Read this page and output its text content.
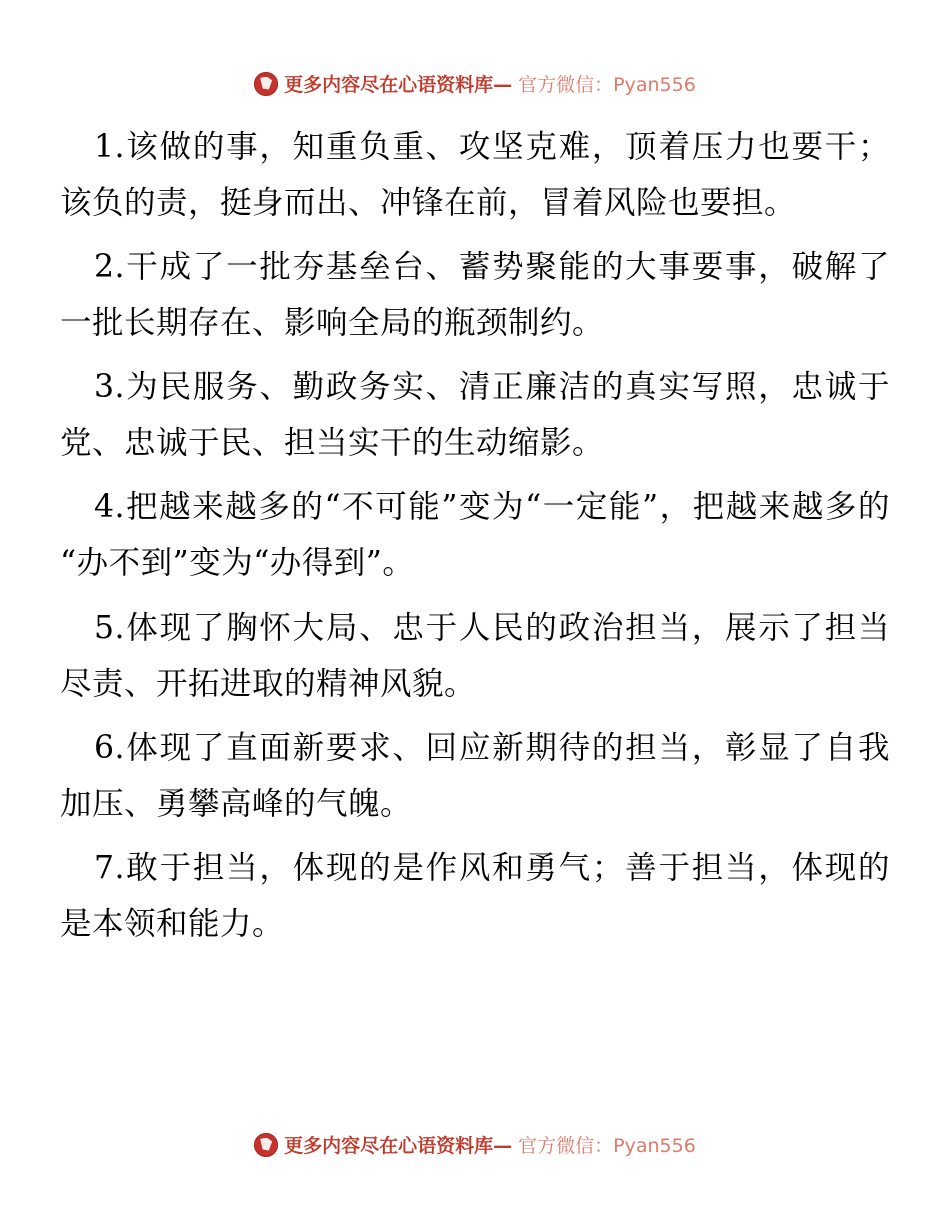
更多内容尽在心语资料库— 官方微信：Pyan556

1.该做的事，知重负重、攻坚克难，顶着压力也要干；该负的责，挺身而出、冲锋在前，冒着风险也要担。

2.干成了一批夯基垒台、蓄势聚能的大事要事，破解了一批长期存在、影响全局的瓶颈制约。

3.为民服务、勤政务实、清正廉洁的真实写照，忠诚于党、忠诚于民、担当实干的生动缩影。

4.把越来越多的“不可能”变为“一定能”，把越来越多的“办不到”变为“办得到”。

5.体现了胸怀大局、忠于人民的政治担当，展示了担当尽责、开拓进取的精神风貌。

6.体现了直面新要求、回应新期待的担当，彰显了自我加压、勇攀高峰的气魄。

7.敢于担当，体现的是作风和勇气；善于担当，体现的是本领和能力。

更多内容尽在心语资料库— 官方微信：Pyan556
